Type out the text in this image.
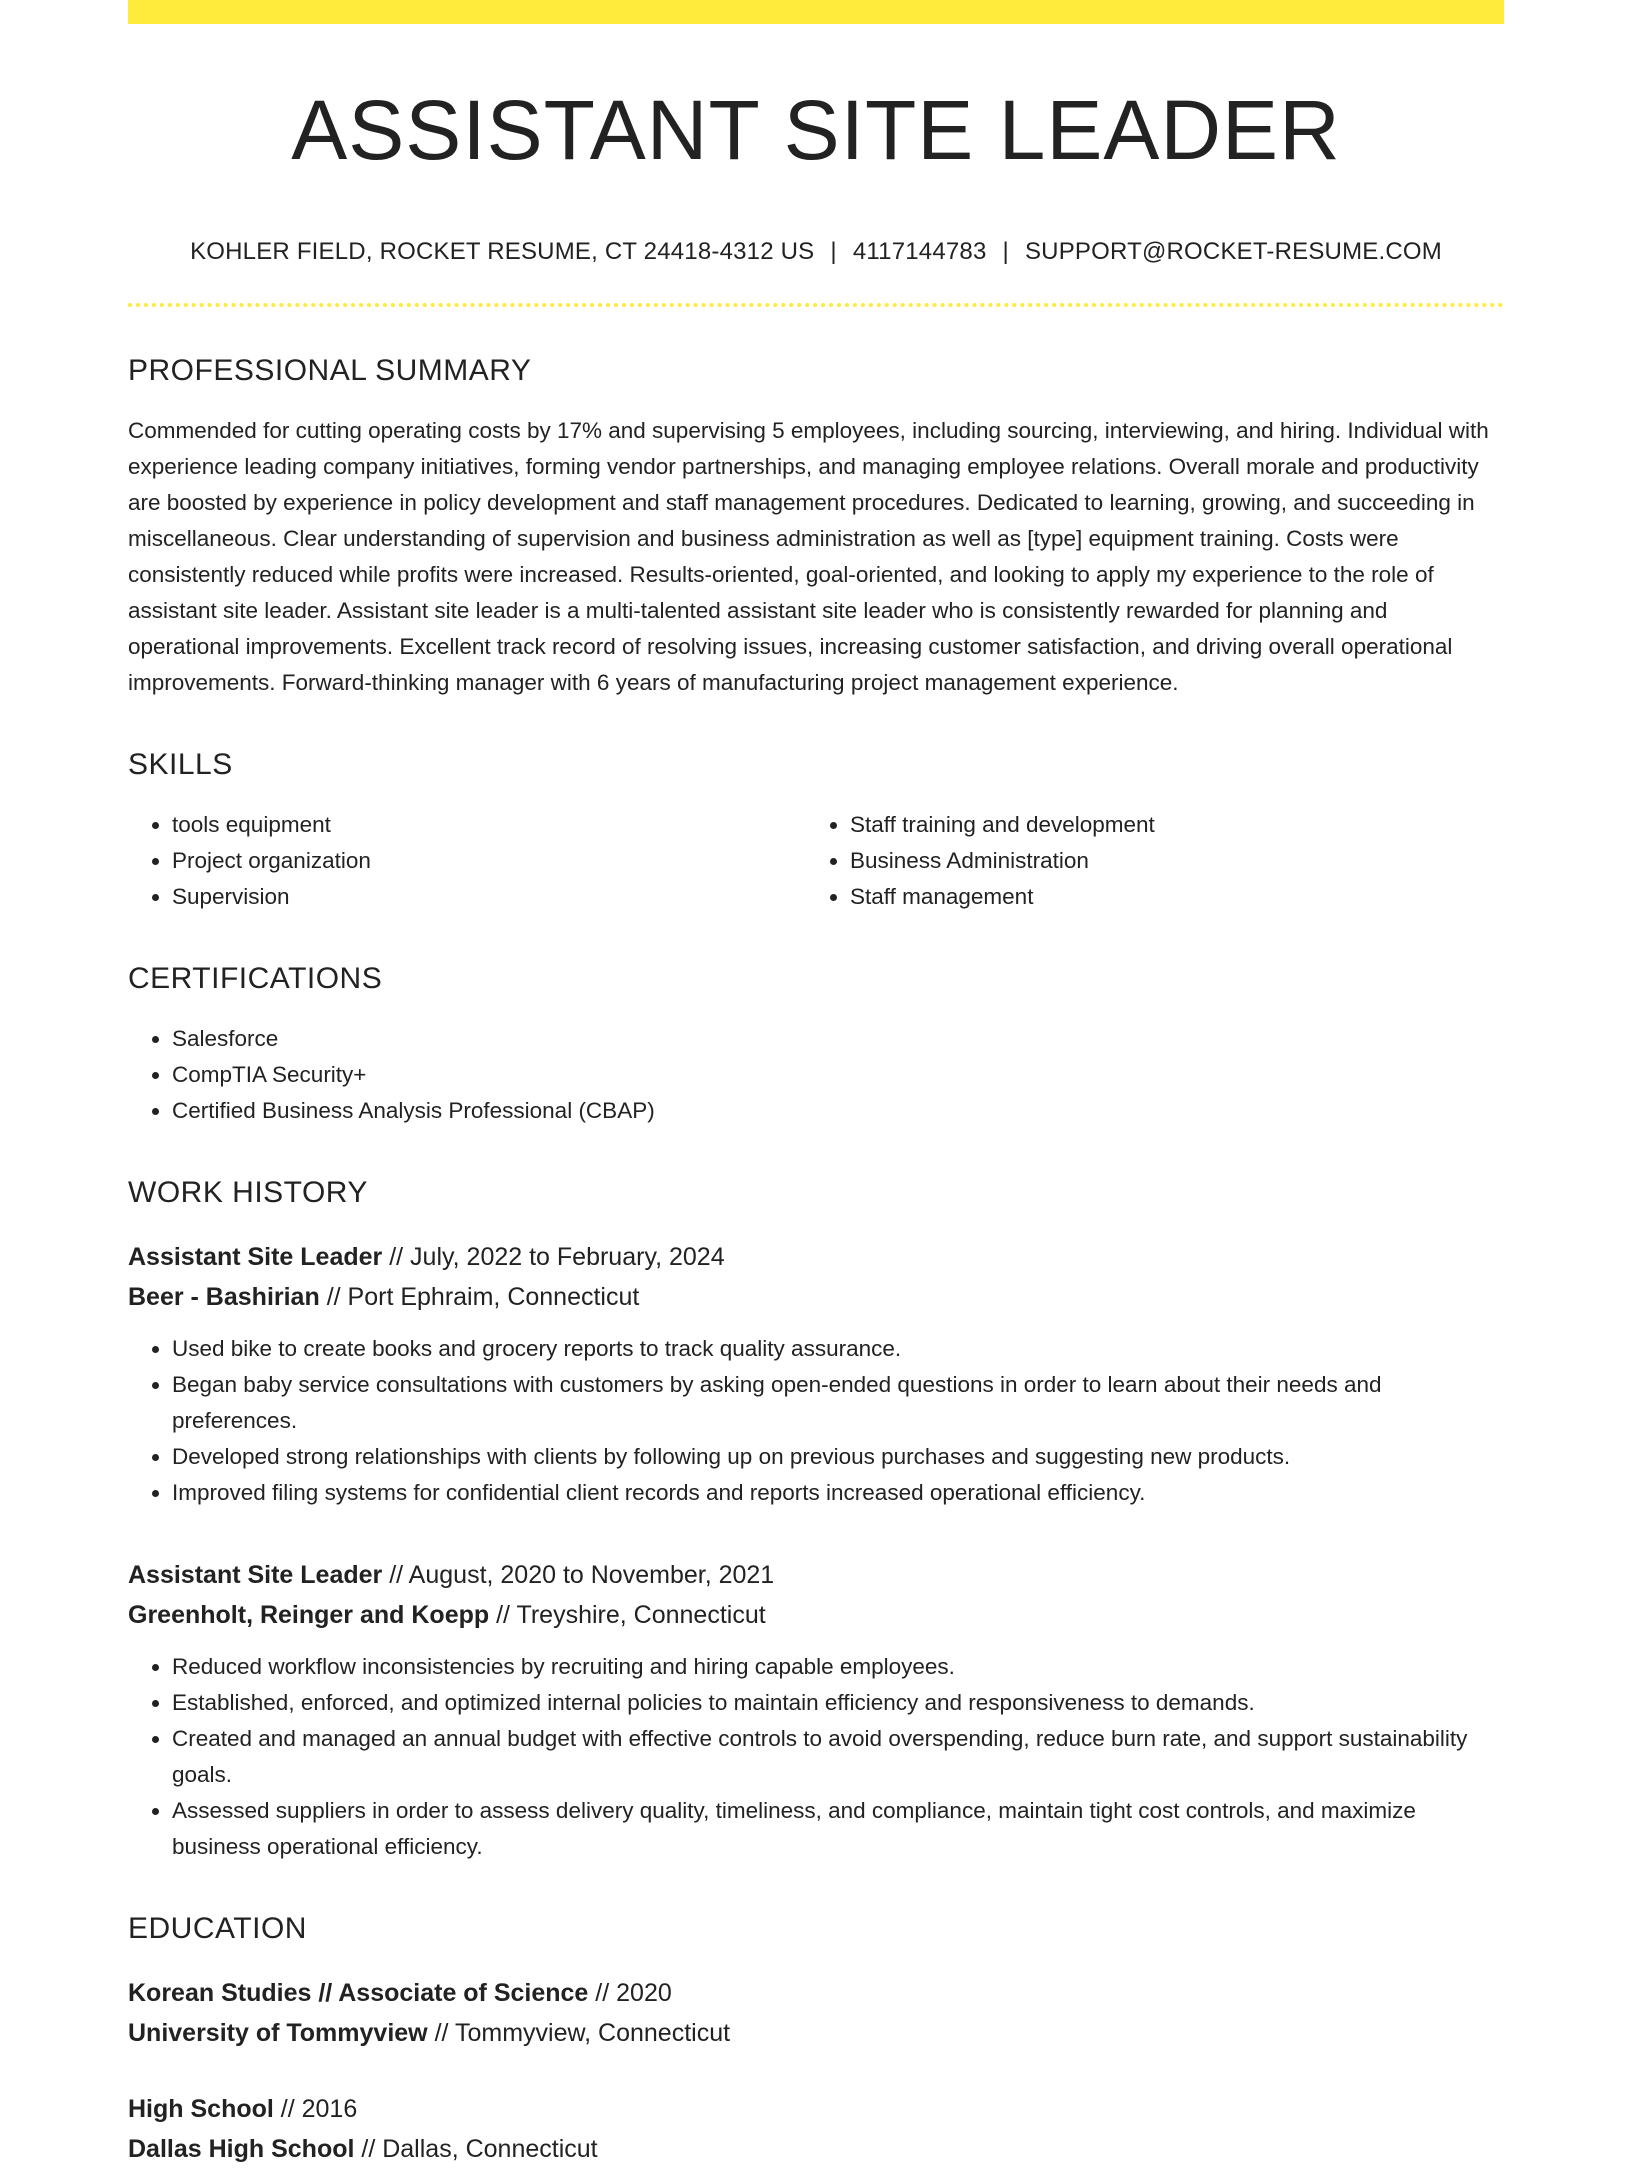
ASSISTANT SITE LEADER
KOHLER FIELD, ROCKET RESUME, CT 24418-4312 US | 4117144783 | SUPPORT@ROCKET-RESUME.COM
PROFESSIONAL SUMMARY
Commended for cutting operating costs by 17% and supervising 5 employees, including sourcing, interviewing, and hiring. Individual with experience leading company initiatives, forming vendor partnerships, and managing employee relations. Overall morale and productivity are boosted by experience in policy development and staff management procedures. Dedicated to learning, growing, and succeeding in miscellaneous. Clear understanding of supervision and business administration as well as [type] equipment training. Costs were consistently reduced while profits were increased. Results-oriented, goal-oriented, and looking to apply my experience to the role of assistant site leader. Assistant site leader is a multi-talented assistant site leader who is consistently rewarded for planning and operational improvements. Excellent track record of resolving issues, increasing customer satisfaction, and driving overall operational improvements. Forward-thinking manager with 6 years of manufacturing project management experience.
SKILLS
• tools equipment
• Project organization
• Supervision
• Staff training and development
• Business Administration
• Staff management
CERTIFICATIONS
• Salesforce
• CompTIA Security+
• Certified Business Analysis Professional (CBAP)
WORK HISTORY
Assistant Site Leader // July, 2022 to February, 2024
Beer - Bashirian // Port Ephraim, Connecticut
• Used bike to create books and grocery reports to track quality assurance.
• Began baby service consultations with customers by asking open-ended questions in order to learn about their needs and preferences.
• Developed strong relationships with clients by following up on previous purchases and suggesting new products.
• Improved filing systems for confidential client records and reports increased operational efficiency.
Assistant Site Leader // August, 2020 to November, 2021
Greenholt, Reinger and Koepp // Treyshire, Connecticut
• Reduced workflow inconsistencies by recruiting and hiring capable employees.
• Established, enforced, and optimized internal policies to maintain efficiency and responsiveness to demands.
• Created and managed an annual budget with effective controls to avoid overspending, reduce burn rate, and support sustainability goals.
• Assessed suppliers in order to assess delivery quality, timeliness, and compliance, maintain tight cost controls, and maximize business operational efficiency.
EDUCATION
Korean Studies // Associate of Science // 2020
University of Tommyview // Tommyview, Connecticut
High School // 2016
Dallas High School // Dallas, Connecticut
